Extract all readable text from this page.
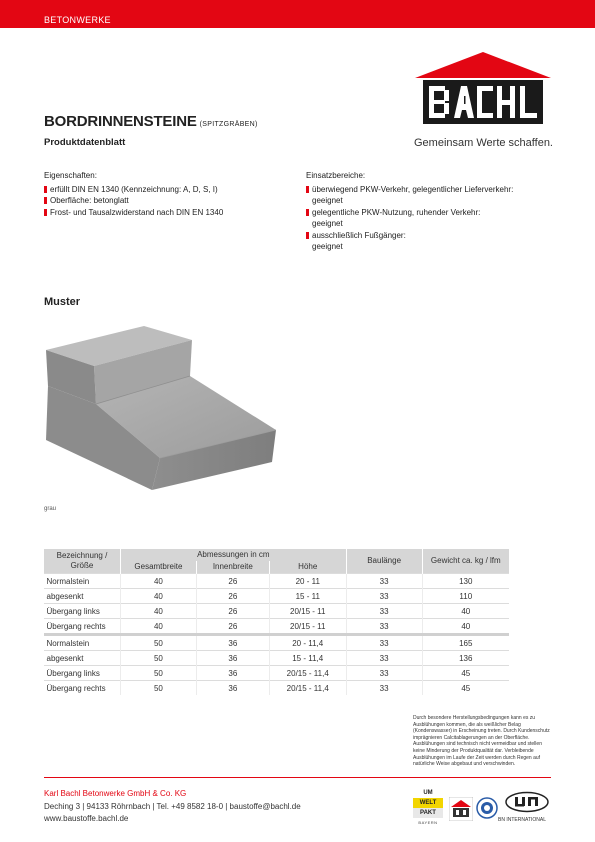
BETONWERKE
Gemeinsam Werte schaffen.
BORDRINNENSTEINE (SPITZGRÄBEN)
Produktdatenblatt
Eigenschaften:
erfüllt DIN EN 1340 (Kennzeichnung: A, D, S, I)
Oberfläche: betonglatt
Frost- und Tausalzwiderstand nach DIN EN 1340
Einsatzbereiche:
überwiegend PKW-Verkehr, gelegentlicher Lieferverkehr:
geeignet
gelegentliche PKW-Nutzung, ruhender Verkehr:
geeignet
ausschließlich Fußgänger:
geeignet
Muster
grau
Bezeichnung / Größe	Abmessungen in cm			Baulänge	Gewicht ca. kg / lfm
	Gesamtbreite	Innenbreite	Höhe		
Normalstein	40	26	20 - 11	33	130
abgesenkt	40	26	15 - 11	33	110
Übergang links	40	26	20/15 - 11	33	40
Übergang rechts	40	26	20/15 - 11	33	40
Normalstein	50	36	20 - 11,4	33	165
abgesenkt	50	36	15 - 11,4	33	136
Übergang links	50	36	20/15 - 11,4	33	45
Übergang rechts	50	36	20/15 - 11,4	33	45
Durch besondere Herstellungsbedingungen kann es zu Ausblühungen kommen, die als weißlicher Belag (Kondenswasser) in Erscheinung treten. Durch Kundenschutz imprägnieren Calcitablagerungen an der Oberfläche. Ausblühungen sind technisch nicht vermeidbar und stellen keine Minderung der Produktqualität dar. Verbleibende Ausblühungen im Laufe der Zeit werden durch Regen auf natürliche Weise abgebaut und verschwinden.
Karl Bachl Betonwerke GmbH & Co. KG
Deching 3 | 94133 Röhrnbach | Tel. +49 8582 18-0 | baustoffe@bachl.de
www.baustoffe.bachl.de
UM
WELT
PAKT
BAYERN	BN INTERNATIONAL
